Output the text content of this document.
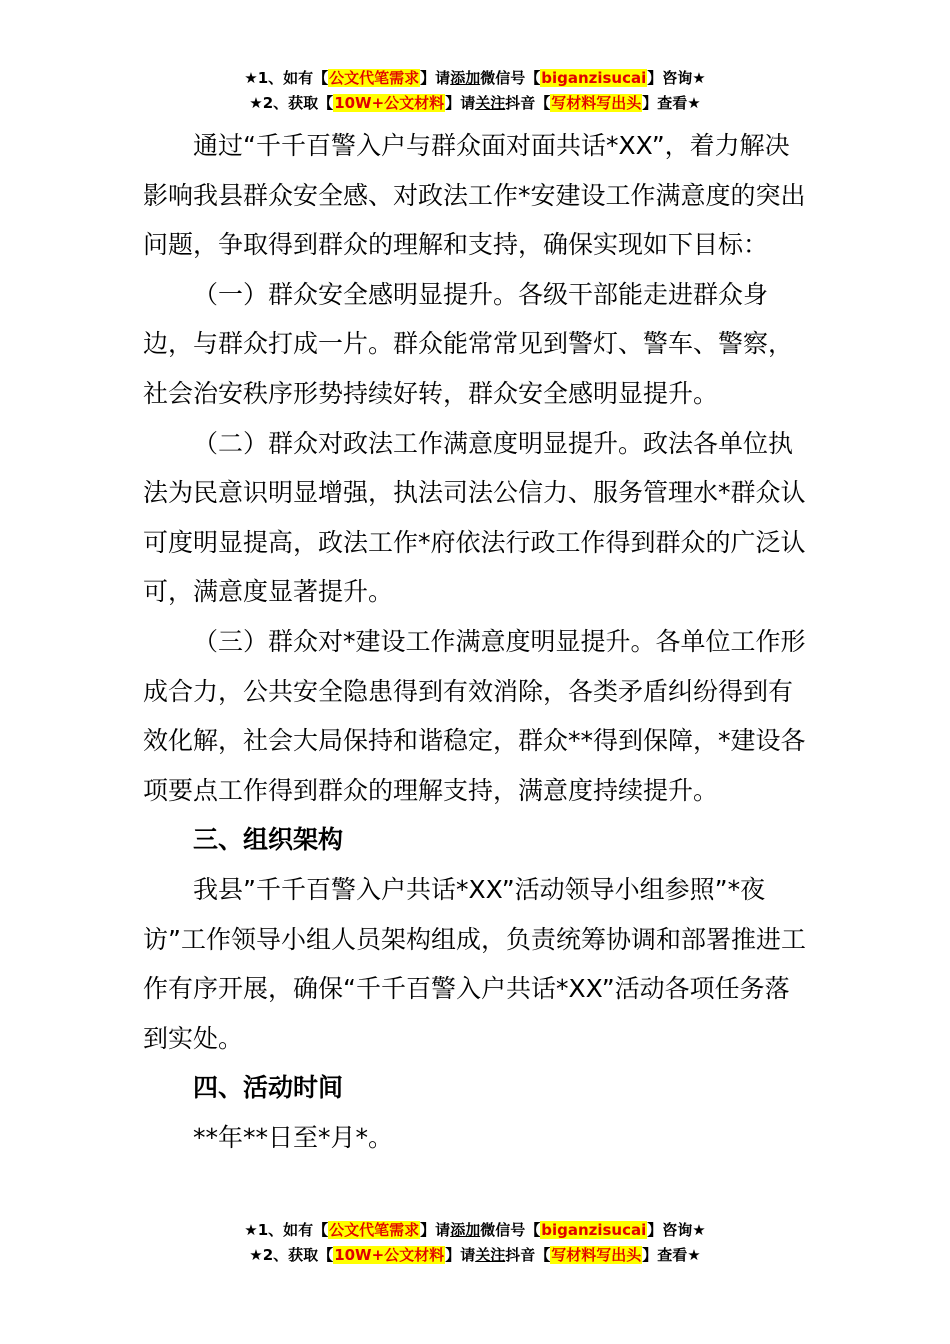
★1、如有【公文代笔需求】请添加微信号【biganzisucai】咨询★
★2、获取【10W+公文材料】请关注抖音【写材料写出头】查看★

通过“千千百警入户与群众面对面共话*XX”，着力解决影响我县群众安全感、对政法工作*安建设工作满意度的突出问题，争取得到群众的理解和支持，确保实现如下目标：

（一）群众安全感明显提升。各级干部能走进群众身边，与群众打成一片。群众能常常见到警灯、警车、警察，社会治安秩序形势持续好转，群众安全感明显提升。

（二）群众对政法工作满意度明显提升。政法各单位执法为民意识明显增强，执法司法公信力、服务管理水*群众认可度明显提高，政法工作*府依法行政工作得到群众的广泛认可，满意度显著提升。

（三）群众对*建设工作满意度明显提升。各单位工作形成合力，公共安全隐患得到有效消除，各类矛盾纠纷得到有效化解，社会大局保持和谐稳定，群众**得到保障，*建设各项要点工作得到群众的理解支持，满意度持续提升。

三、组织架构

我县”千千百警入户共话*XX”活动领导小组参照”*夜访”工作领导小组人员架构组成，负责统筹协调和部署推进工作有序开展，确保“千千百警入户共话*XX”活动各项任务落到实处。

四、活动时间

**年**日至*月*。

★1、如有【公文代笔需求】请添加微信号【biganzisucai】咨询★
★2、获取【10W+公文材料】请关注抖音【写材料写出头】查看★
